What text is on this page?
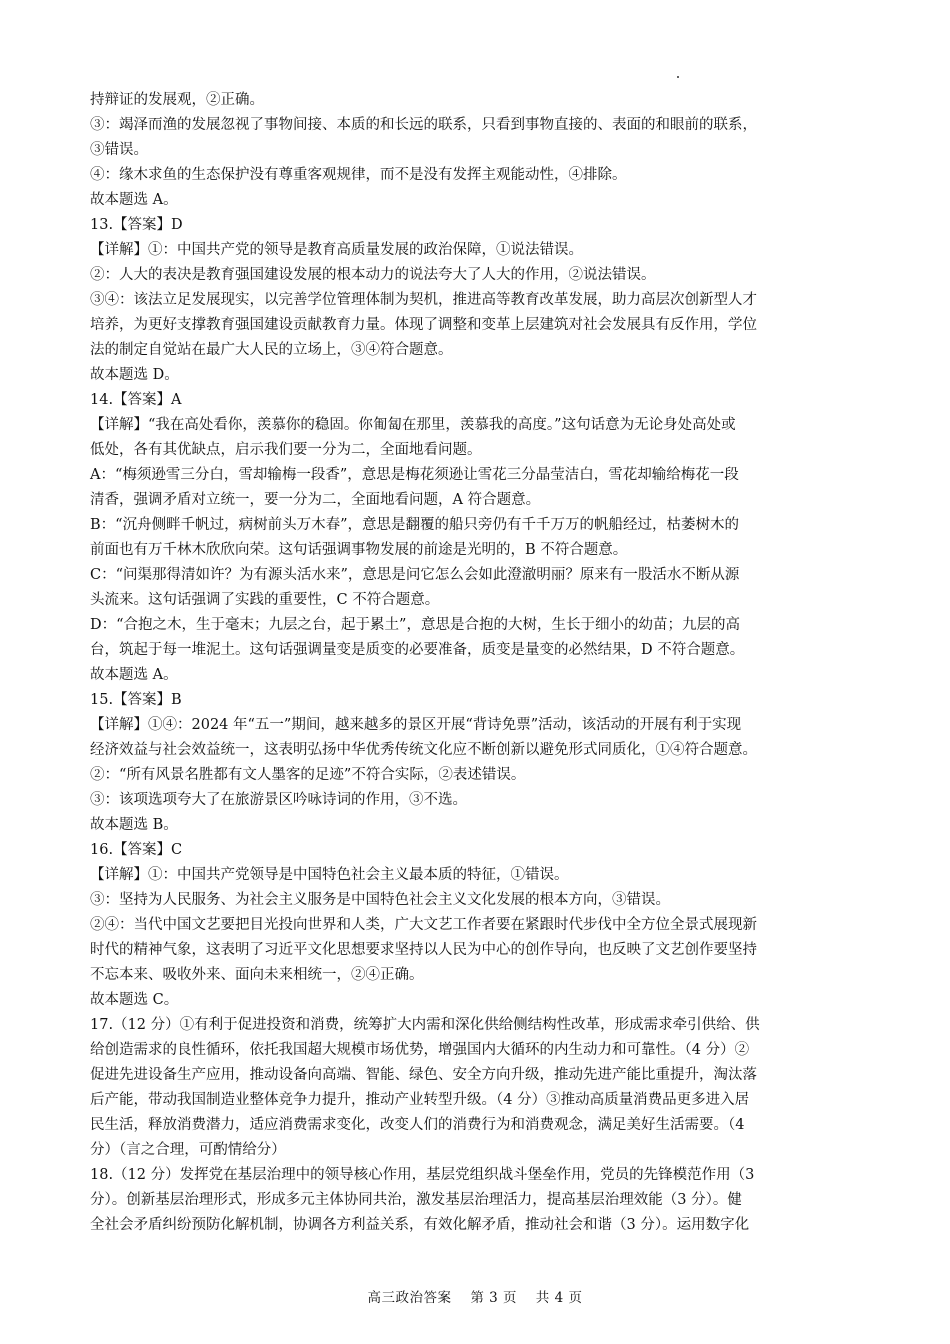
持辩证的发展观，②正确。

③：竭泽而渔的发展忽视了事物间接、本质的和长远的联系，只看到事物直接的、表面的和眼前的联系，

③错误。

④：缘木求鱼的生态保护没有尊重客观规律，而不是没有发挥主观能动性，④排除。

故本题选 A。

13.【答案】D

【详解】①：中国共产党的领导是教育高质量发展的政治保障，①说法错误。

②：人大的表决是教育强国建设发展的根本动力的说法夸大了人大的作用，②说法错误。

③④：该法立足发展现实，以完善学位管理体制为契机，推进高等教育改革发展，助力高层次创新型人才

培养，为更好支撑教育强国建设贡献教育力量。体现了调整和变革上层建筑对社会发展具有反作用，学位

法的制定自觉站在最广大人民的立场上，③④符合题意。

故本题选 D。

14.【答案】A

【详解】“我在高处看你，羡慕你的稳固。你匍匐在那里，羡慕我的高度。”这句话意为无论身处高处或

低处，各有其优缺点，启示我们要一分为二，全面地看问题。

A：“梅须逊雪三分白，雪却输梅一段香”，意思是梅花须逊让雪花三分晶莹洁白，雪花却输给梅花一段

清香，强调矛盾对立统一，要一分为二，全面地看问题，A 符合题意。

B：“沉舟侧畔千帆过，病树前头万木春”，意思是翻覆的船只旁仍有千千万万的帆船经过，枯萎树木的

前面也有万千林木欣欣向荣。这句话强调事物发展的前途是光明的，B 不符合题意。

C：“问渠那得清如许？为有源头活水来”，意思是问它怎么会如此澄澈明丽？原来有一股活水不断从源

头流来。这句话强调了实践的重要性，C 不符合题意。

D：“合抱之木，生于毫末；九层之台，起于累土”，意思是合抱的大树，生长于细小的幼苗；九层的高

台，筑起于每一堆泥土。这句话强调量变是质变的必要准备，质变是量变的必然结果，D 不符合题意。

故本题选 A。

15.【答案】B

【详解】①④：2024 年“五一”期间，越来越多的景区开展“背诗免票”活动，该活动的开展有利于实现

经济效益与社会效益统一，这表明弘扬中华优秀传统文化应不断创新以避免形式同质化，①④符合题意。

②：“所有风景名胜都有文人墨客的足迹”不符合实际，②表述错误。

③：该项选项夸大了在旅游景区吟咏诗词的作用，③不选。

故本题选 B。

16.【答案】C

【详解】①：中国共产党领导是中国特色社会主义最本质的特征，①错误。

③：坚持为人民服务、为社会主义服务是中国特色社会主义文化发展的根本方向，③错误。

②④：当代中国文艺要把目光投向世界和人类，广大文艺工作者要在紧跟时代步伐中全方位全景式展现新

时代的精神气象，这表明了习近平文化思想要求坚持以人民为中心的创作导向，也反映了文艺创作要坚持

不忘本来、吸收外来、面向未来相统一，②④正确。

故本题选 C。

17.（12 分）①有利于促进投资和消费，统筹扩大内需和深化供给侧结构性改革，形成需求牵引供给、供

给创造需求的良性循环，依托我国超大规模市场优势，增强国内大循环的内生动力和可靠性。（4 分）②

促进先进设备生产应用，推动设备向高端、智能、绿色、安全方向升级，推动先进产能比重提升，淘汰落

后产能，带动我国制造业整体竞争力提升，推动产业转型升级。（4 分）③推动高质量消费品更多进入居

民生活，释放消费潜力，适应消费需求变化，改变人们的消费行为和消费观念，满足美好生活需要。（4

分）（言之合理，可酌情给分）

18.（12 分）发挥党在基层治理中的领导核心作用，基层党组织战斗堡垒作用，党员的先锋模范作用（3

分）。创新基层治理形式，形成多元主体协同共治，激发基层治理活力，提高基层治理效能（3 分）。健

全社会矛盾纠纷预防化解机制，协调各方利益关系，有效化解矛盾，推动社会和谐（3 分）。运用数字化

高三政治答案　 第 3 页　 共 4 页
